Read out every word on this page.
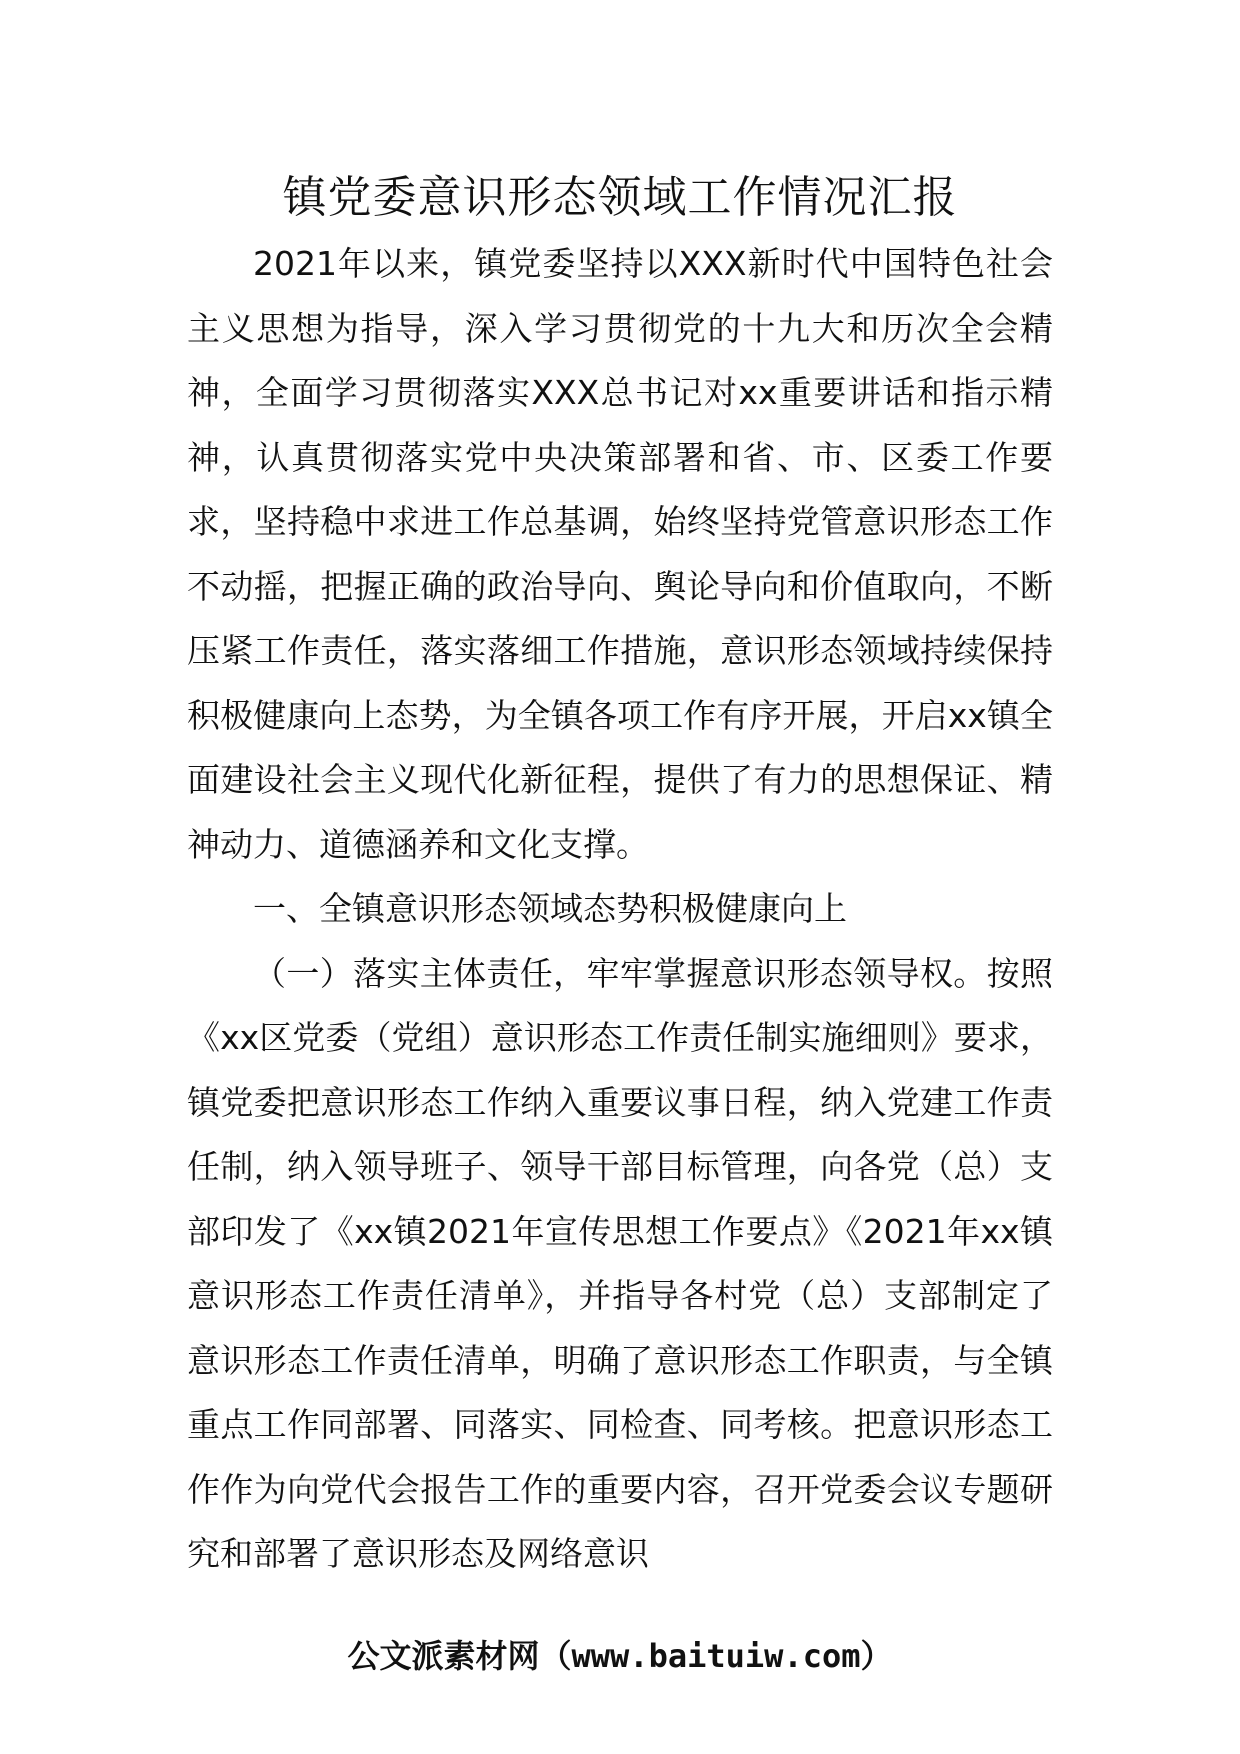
镇党委意识形态领域工作情况汇报

2021年以来，镇党委坚持以XXX新时代中国特色社会主义思想为指导，深入学习贯彻党的十九大和历次全会精神，全面学习贯彻落实XXX总书记对xx重要讲话和指示精神，认真贯彻落实党中央决策部署和省、市、区委工作要求，坚持稳中求进工作总基调，始终坚持党管意识形态工作不动摇，把握正确的政治导向、舆论导向和价值取向，不断压紧工作责任，落实落细工作措施，意识形态领域持续保持积极健康向上态势，为全镇各项工作有序开展，开启xx镇全面建设社会主义现代化新征程，提供了有力的思想保证、精神动力、道德涵养和文化支撑。

一、全镇意识形态领域态势积极健康向上

（一）落实主体责任，牢牢掌握意识形态领导权。按照《xx区党委（党组）意识形态工作责任制实施细则》要求，镇党委把意识形态工作纳入重要议事日程，纳入党建工作责任制，纳入领导班子、领导干部目标管理，向各党（总）支部印发了《xx镇2021年宣传思想工作要点》《2021年xx镇意识形态工作责任清单》，并指导各村党（总）支部制定了意识形态工作责任清单，明确了意识形态工作职责，与全镇重点工作同部署、同落实、同检查、同考核。把意识形态工作作为向党代会报告工作的重要内容，召开党委会议专题研究和部署了意识形态及网络意识

公文派素材网（www.baituiw.com）
